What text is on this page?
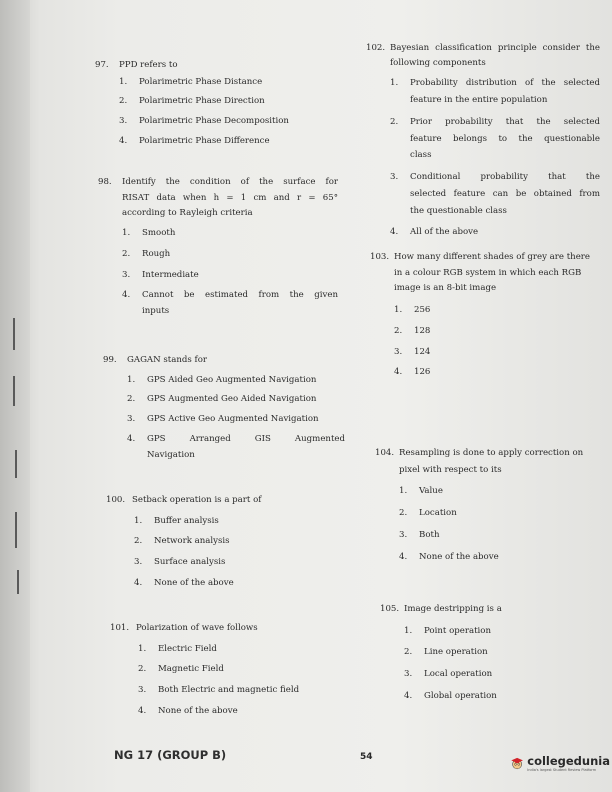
97.	PPD refers to
1.	Polarimetric Phase Distance
2.	Polarimetric Phase Direction
3.	Polarimetric Phase Decomposition
4.	Polarimetric Phase Difference
98.	Identify the condition of the surface for
RISAT data when h = 1 cm and r = 65°
according to Rayleigh criteria
1.	Smooth
2.	Rough
3.	Intermediate
4.	Cannot be estimated from the given
inputs
99.	GAGAN stands for
1.	GPS Aided Geo Augmented Navigation
2.	GPS Augmented Geo Aided Navigation
3.	GPS Active Geo Augmented Navigation
4.	GPS Arranged GIS Augmented
Navigation
100. Setback operation is a part of
1.	Buffer analysis
2.	Network analysis
3.	Surface analysis
4.	None of the above
101. Polarization of wave follows
1.	Electric Field
2.	Magnetic Field
3.	Both Electric and magnetic field
4.	None of the above
102. Bayesian classification principle consider the
following components
1.	Probability distribution of the selected
feature in the entire population
2.	Prior probability that the selected
feature belongs to the questionable
class
3.	Conditional probability that the
selected feature can be obtained from
the questionable class
4.	All of the above
103. How many different shades of grey are there
in a colour RGB system in which each RGB
image is an 8-bit image
1.	256
2.	128
3.	124
4.	126
104. Resampling is done to apply correction on
pixel with respect to its
1.	Value
2.	Location
3.	Both
4.	None of the above
105. Image destripping is a
1.	Point operation
2.	Line operation
3.	Local operation
4.	Global operation
NG 17 (GROUP B)	54	collegedunia
India's largest Student Review Platform
